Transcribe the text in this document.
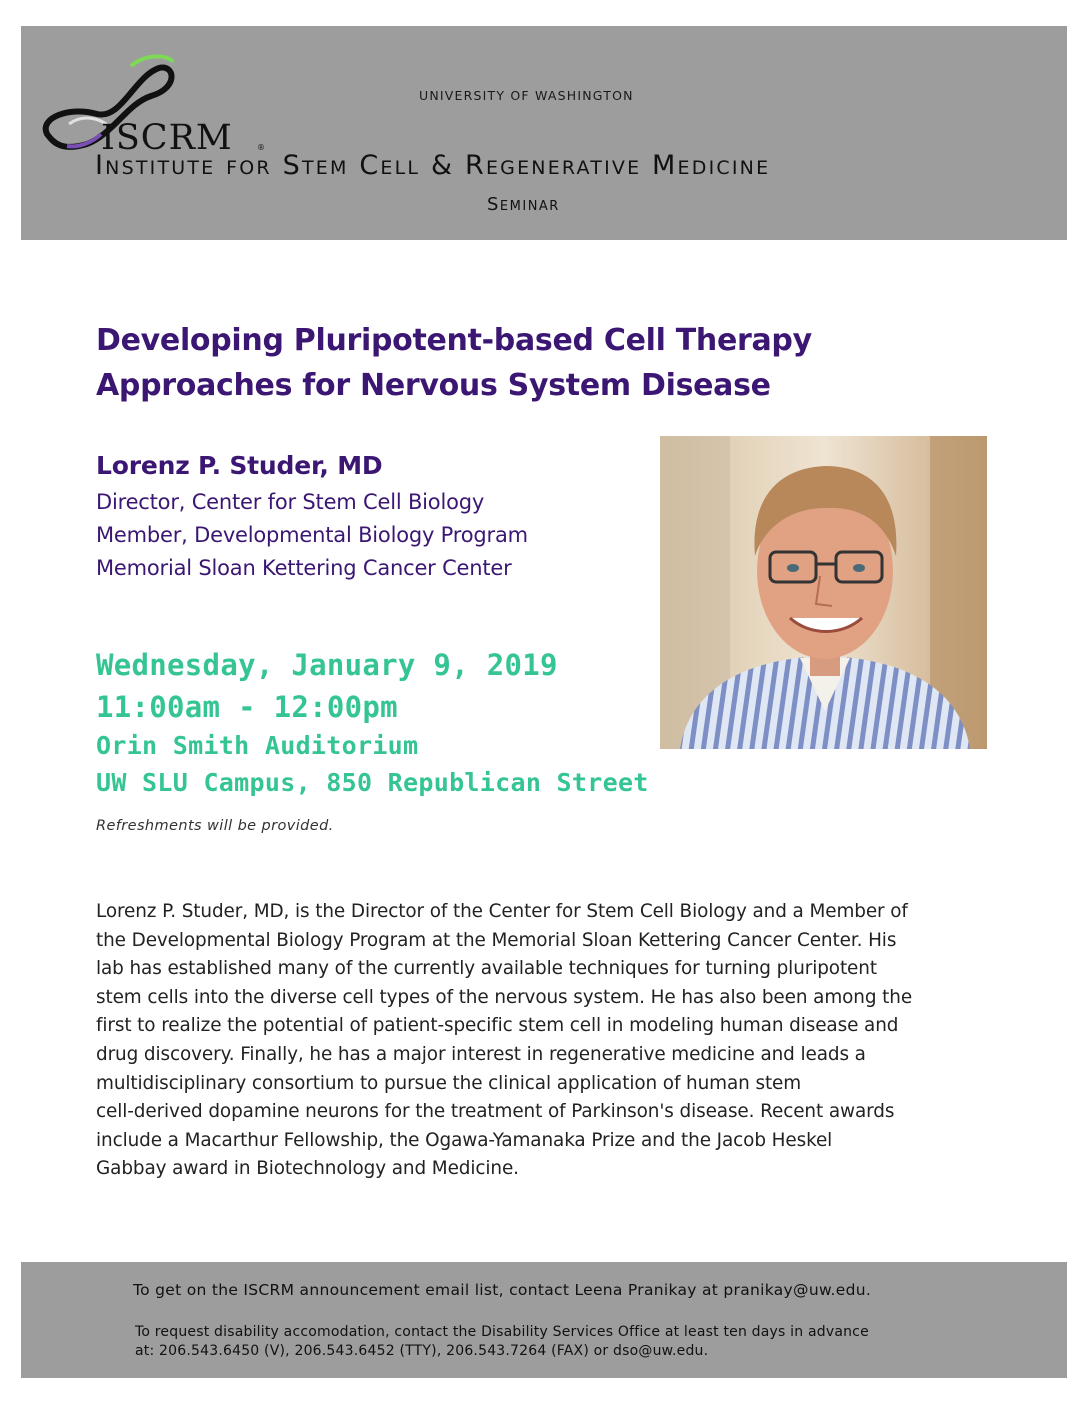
ISCRM	®
UNIVERSITY OF WASHINGTON
Institute for Stem Cell & Regenerative Medicine
Seminar
Developing Pluripotent-based Cell Therapy
Approaches for Nervous System Disease
Lorenz P. Studer, MD

Director, Center for Stem Cell Biology

Member, Developmental Biology Program

Memorial Sloan Kettering Cancer Center

Wednesday, January 9, 2019

11:00am - 12:00pm

Orin Smith Auditorium

UW SLU Campus, 850 Republican Street

Refreshments will be provided.

Lorenz P. Studer, MD, is the Director of the Center for Stem Cell Biology and a Member of
the Developmental Biology Program at the Memorial Sloan Kettering Cancer Center. His
lab has established many of the currently available techniques for turning pluripotent
stem cells into the diverse cell types of the nervous system. He has also been among the
first to realize the potential of patient-specific stem cell in modeling human disease and
drug discovery. Finally, he has a major interest in regenerative medicine and leads a
multidisciplinary consortium to pursue the clinical application of human stem
cell-derived dopamine neurons for the treatment of Parkinson's disease. Recent awards
include a Macarthur Fellowship, the Ogawa-Yamanaka Prize and the Jacob Heskel
Gabbay award in Biotechnology and Medicine.

To get on the ISCRM announcement email list, contact Leena Pranikay at pranikay@uw.edu.
To request disability accomodation, contact the Disability Services Office at least ten days in advance
at: 206.543.6450 (V), 206.543.6452 (TTY), 206.543.7264 (FAX) or dso@uw.edu.
